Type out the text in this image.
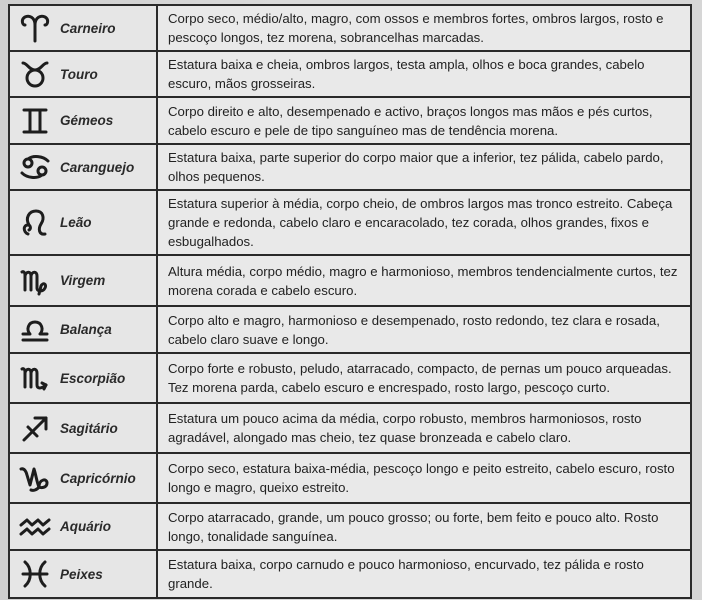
Carneiro	Corpo seco, médio/alto, magro, com ossos e membros fortes, ombros largos, rosto e pescoço longos, tez morena, sobrancelhas marcadas.

Touro	Estatura baixa e cheia, ombros largos, testa ampla, olhos e boca grandes, cabelo escuro, mãos grosseiras.

Gémeos	Corpo direito e alto, desempenado e activo, braços longos mas mãos e pés curtos, cabelo escuro e pele de tipo sanguíneo mas de tendência morena.

Caranguejo	Estatura baixa, parte superior do corpo maior que a inferior, tez pálida, cabelo pardo, olhos pequenos.

Leão	Estatura superior à média, corpo cheio, de ombros largos mas tronco estreito. Cabeça grande e redonda, cabelo claro e encaracolado, tez corada, olhos grandes, fixos e esbugalhados.

Virgem	Altura média, corpo médio, magro e harmonioso, membros tendencialmente curtos, tez morena corada e cabelo escuro.

Balança	Corpo alto e magro, harmonioso e desempenado, rosto redondo, tez clara e rosada, cabelo claro suave e longo.

Escorpião	Corpo forte e robusto, peludo, atarracado, compacto, de pernas um pouco arqueadas. Tez morena parda, cabelo escuro e encrespado, rosto largo, pescoço curto.

Sagitário	Estatura um pouco acima da média, corpo robusto, membros harmoniosos, rosto agradável, alongado mas cheio, tez quase bronzeada e cabelo claro.

Capricórnio	Corpo seco, estatura baixa-média, pescoço longo e peito estreito, cabelo escuro, rosto longo e magro, queixo estreito.

Aquário	Corpo atarracado, grande, um pouco grosso; ou forte, bem feito e pouco alto. Rosto longo, tonalidade sanguínea.

Peixes	Estatura baixa, corpo carnudo e pouco harmonioso, encurvado, tez pálida e rosto grande.
